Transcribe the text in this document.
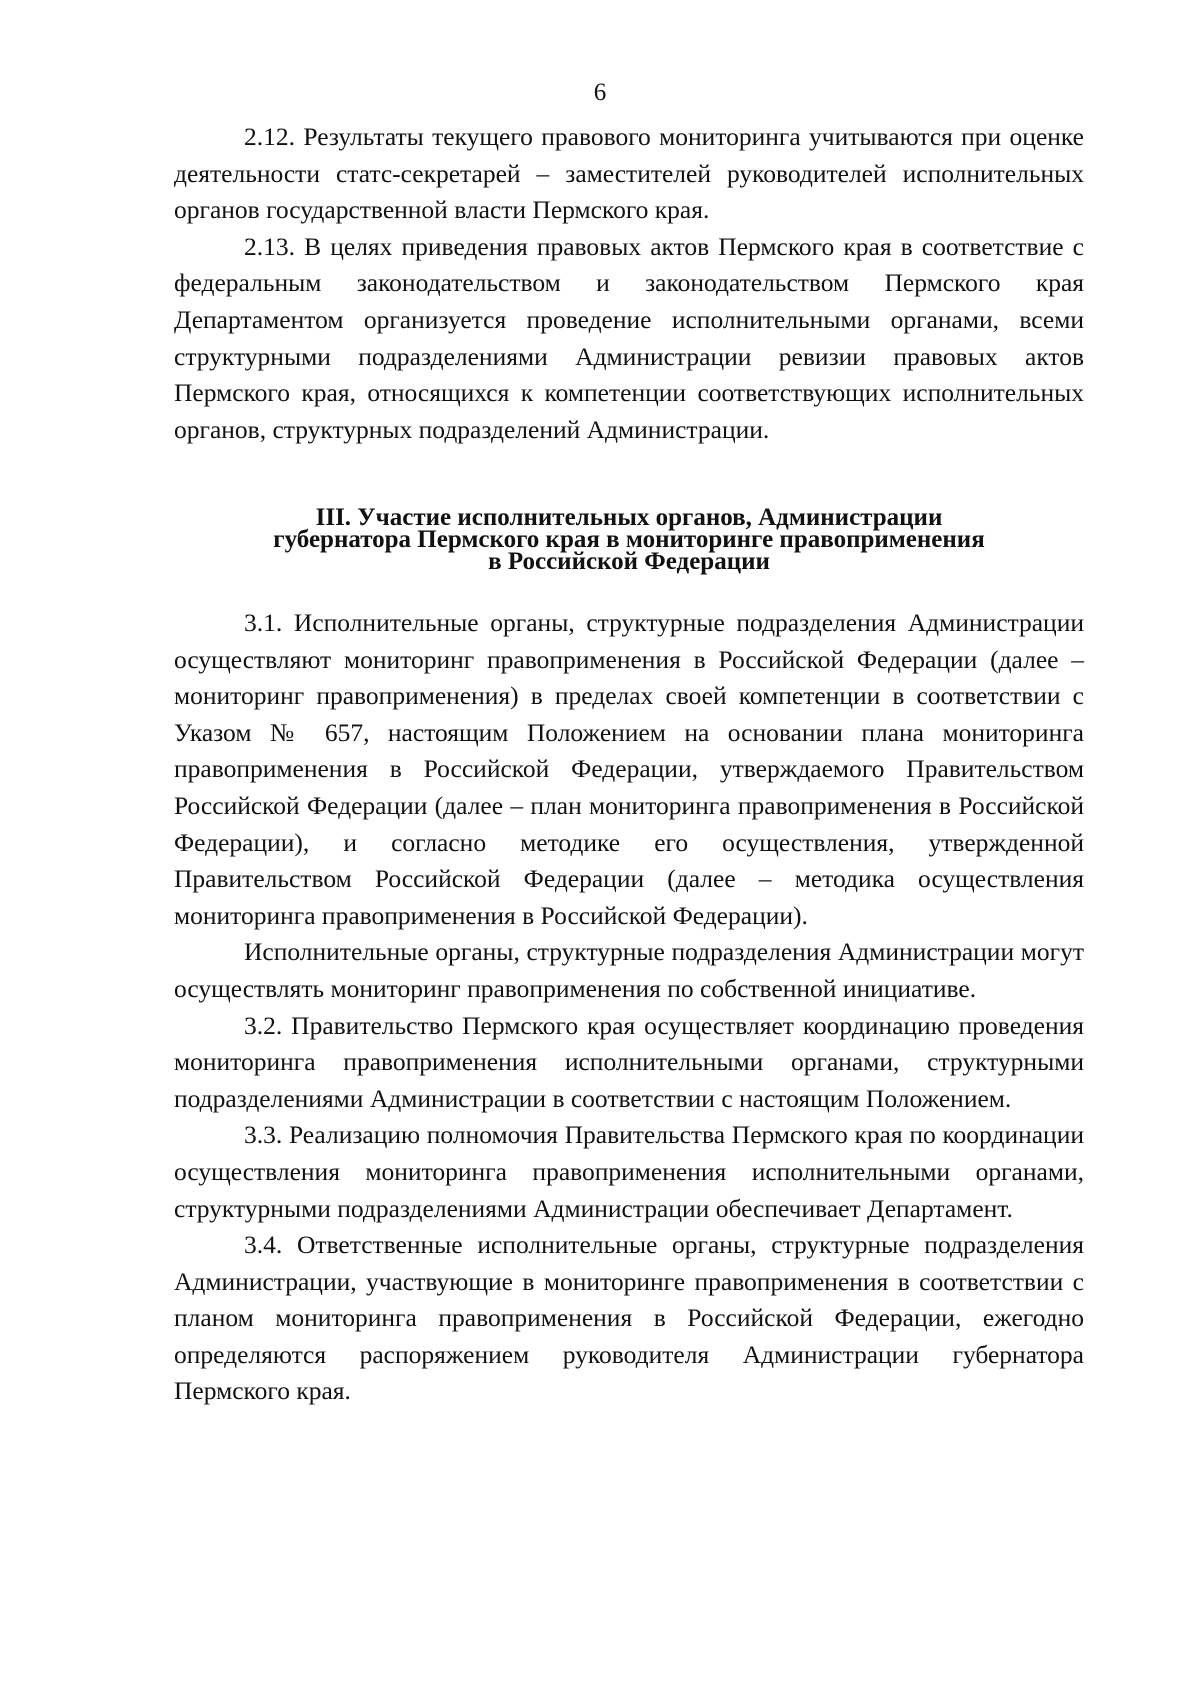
6

2.12. Результаты текущего правового мониторинга учитываются при оценке деятельности статс-секретарей – заместителей руководителей исполнительных органов государственной власти Пермского края.

2.13. В целях приведения правовых актов Пермского края в соответствие с федеральным законодательством и законодательством Пермского края Департаментом организуется проведение исполнительными органами, всеми структурными подразделениями Администрации ревизии правовых актов Пермского края, относящихся к компетенции соответствующих исполнительных органов, структурных подразделений Администрации.

III. Участие исполнительных органов, Администрации
губернатора Пермского края в мониторинге правоприменения
в Российской Федерации

3.1. Исполнительные органы, структурные подразделения Администрации осуществляют мониторинг правоприменения в Российской Федерации (далее – мониторинг правоприменения) в пределах своей компетенции в соответствии с Указом № 657, настоящим Положением на основании плана мониторинга правоприменения в Российской Федерации, утверждаемого Правительством Российской Федерации (далее – план мониторинга правоприменения в Российской Федерации), и согласно методике его осуществления, утвержденной Правительством Российской Федерации (далее – методика осуществления мониторинга правоприменения в Российской Федерации).

Исполнительные органы, структурные подразделения Администрации могут осуществлять мониторинг правоприменения по собственной инициативе.

3.2. Правительство Пермского края осуществляет координацию проведения мониторинга правоприменения исполнительными органами, структурными подразделениями Администрации в соответствии с настоящим Положением.

3.3. Реализацию полномочия Правительства Пермского края по координации осуществления мониторинга правоприменения исполнительными органами, структурными подразделениями Администрации обеспечивает Департамент.

3.4. Ответственные исполнительные органы, структурные подразделения Администрации, участвующие в мониторинге правоприменения в соответствии с планом мониторинга правоприменения в Российской Федерации, ежегодно определяются распоряжением руководителя Администрации губернатора Пермского края.
